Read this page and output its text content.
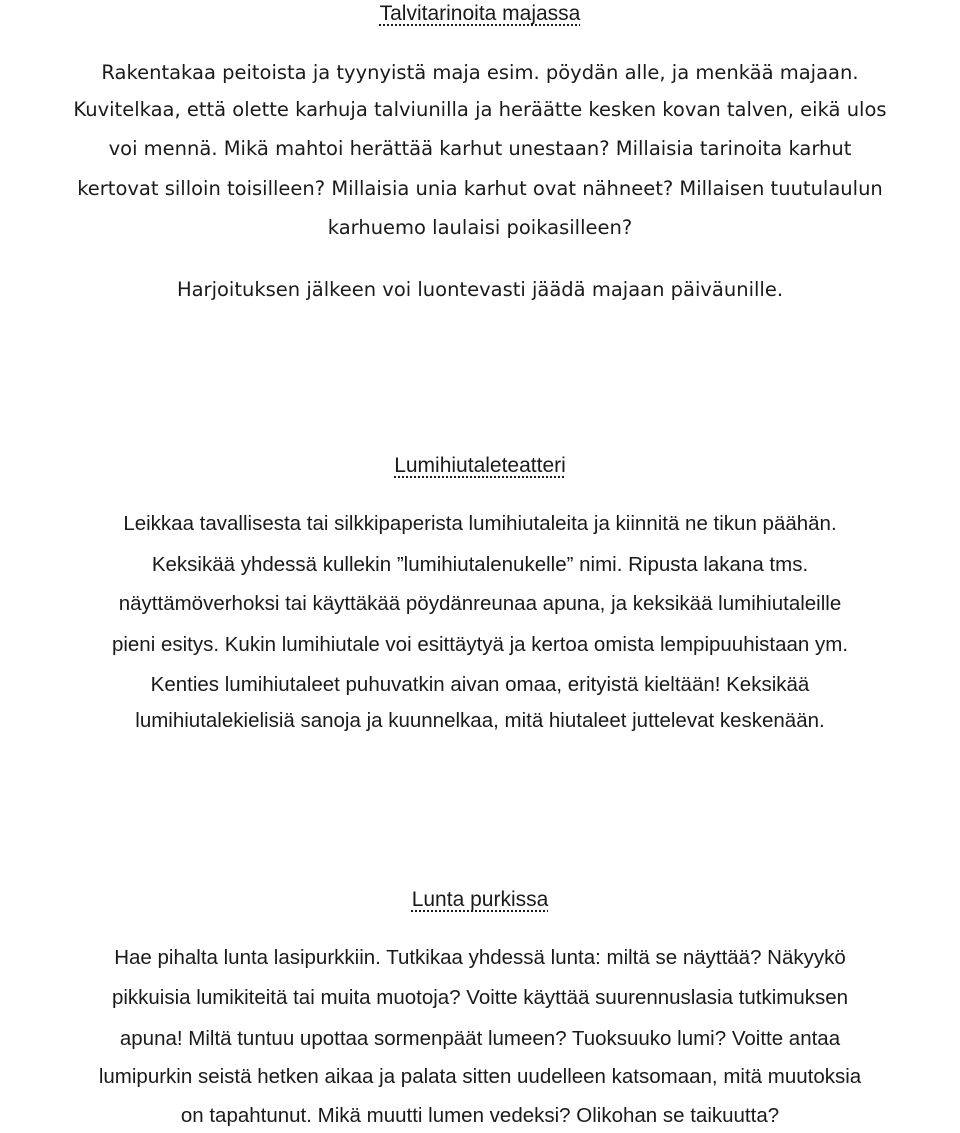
Talvitarinoita majassa
Rakentakaa peitoista ja tyynyistä maja esim. pöydän alle, ja menkää majaan.
Kuvitelkaa, että olette karhuja talviunilla ja heräätte kesken kovan talven, eikä ulos
voi mennä. Mikä mahtoi herättää karhut unestaan? Millaisia tarinoita karhut
kertovat silloin toisilleen? Millaisia unia karhut ovat nähneet? Millaisen tuutulaulun
karhuemo laulaisi poikasilleen?
Harjoituksen jälkeen voi luontevasti jäädä majaan päiväunille.
Lumihiutaleteatteri
Leikkaa tavallisesta tai silkkipaperista lumihiutaleita ja kiinnitä ne tikun päähän.
Keksikää yhdessä kullekin ”lumihiutalenukelle” nimi. Ripusta lakana tms.
näyttämöverhoksi tai käyttäkää pöydänreunaa apuna, ja keksikää lumihiutaleille
pieni esitys. Kukin lumihiutale voi esittäytyä ja kertoa omista lempipuuhistaan ym.
Kenties lumihiutaleet puhuvatkin aivan omaa, erityistä kieltään! Keksikää
lumihiutalekielisiä sanoja ja kuunnelkaa, mitä hiutaleet juttelevat keskenään.
Lunta purkissa
Hae pihalta lunta lasipurkkiin. Tutkikaa yhdessä lunta: miltä se näyttää? Näkyykö
pikkuisia lumikiteitä tai muita muotoja? Voitte käyttää suurennuslasia tutkimuksen
apuna! Miltä tuntuu upottaa sormenpäät lumeen? Tuoksuuko lumi? Voitte antaa
lumipurkin seistä hetken aikaa ja palata sitten uudelleen katsomaan, mitä muutoksia
on tapahtunut. Mikä muutti lumen vedeksi? Olikohan se taikuutta?
